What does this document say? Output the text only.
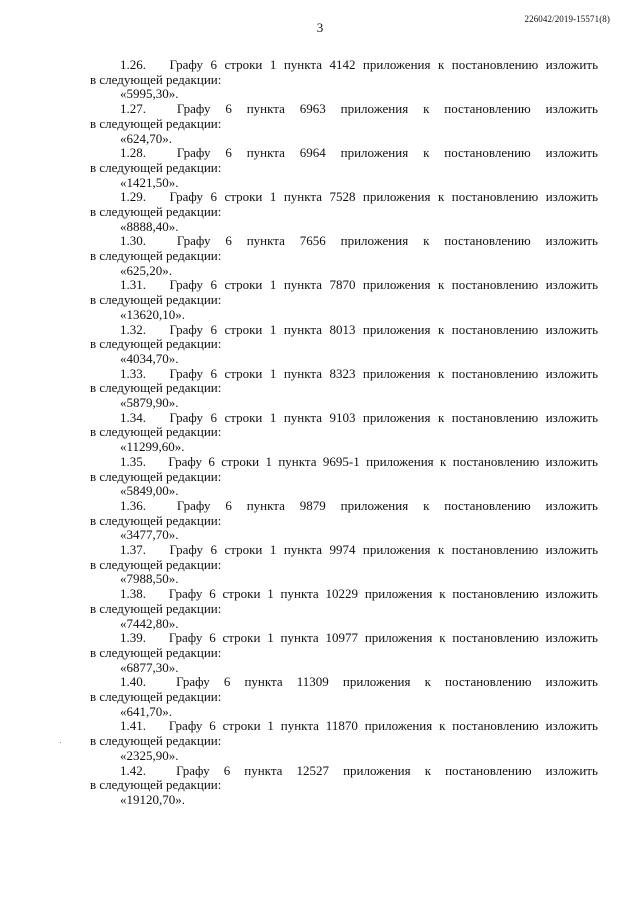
3
226042/2019-15571(8)
1.26. Графу 6 строки 1 пункта 4142 приложения к постановлению изложить
в следующей редакции:
«5995,30».
1.27. Графу 6 пункта 6963 приложения к постановлению изложить
в следующей редакции:
«624,70».
1.28. Графу 6 пункта 6964 приложения к постановлению изложить
в следующей редакции:
«1421,50».
1.29. Графу 6 строки 1 пункта 7528 приложения к постановлению изложить
в следующей редакции:
«8888,40».
1.30. Графу 6 пункта 7656 приложения к постановлению изложить
в следующей редакции:
«625,20».
1.31. Графу 6 строки 1 пункта 7870 приложения к постановлению изложить
в следующей редакции:
«13620,10».
1.32. Графу 6 строки 1 пункта 8013 приложения к постановлению изложить
в следующей редакции:
«4034,70».
1.33. Графу 6 строки 1 пункта 8323 приложения к постановлению изложить
в следующей редакции:
«5879,90».
1.34. Графу 6 строки 1 пункта 9103 приложения к постановлению изложить
в следующей редакции:
«11299,60».
1.35. Графу 6 строки 1 пункта 9695-1 приложения к постановлению изложить
в следующей редакции:
«5849,00».
1.36. Графу 6 пункта 9879 приложения к постановлению изложить
в следующей редакции:
«3477,70».
1.37. Графу 6 строки 1 пункта 9974 приложения к постановлению изложить
в следующей редакции:
«7988,50».
1.38. Графу 6 строки 1 пункта 10229 приложения к постановлению изложить
в следующей редакции:
«7442,80».
1.39. Графу 6 строки 1 пункта 10977 приложения к постановлению изложить
в следующей редакции:
«6877,30».
1.40. Графу 6 пункта 11309 приложения к постановлению изложить
в следующей редакции:
«641,70».
1.41. Графу 6 строки 1 пункта 11870 приложения к постановлению изложить
в следующей редакции:
«2325,90».
1.42. Графу 6 пункта 12527 приложения к постановлению изложить
в следующей редакции:
«19120,70».
